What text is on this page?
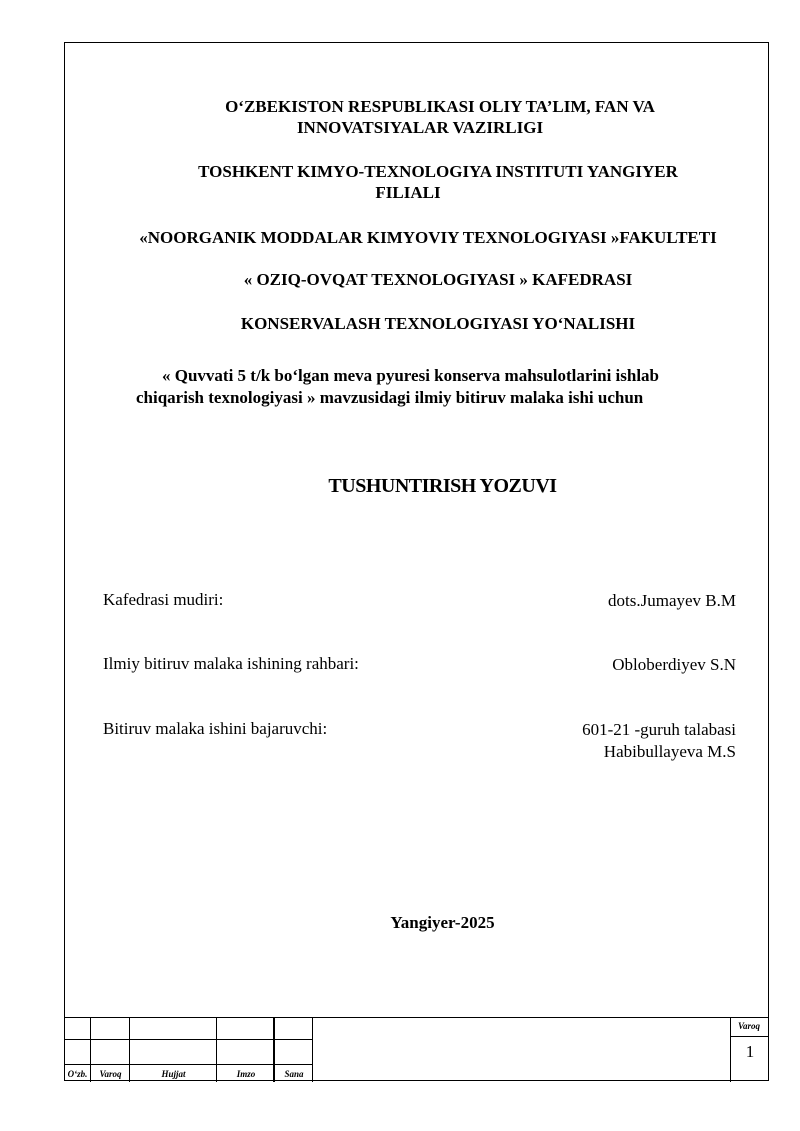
O‘ZBEKISTON RESPUBLIKASI OLIY TA’LIM, FAN VA
INNOVATSIYALAR VAZIRLIGI
TOSHKENT KIMYO-TEXNOLOGIYA INSTITUTI YANGIYER
FILIALI
«NOORGANIK MODDALAR KIMYOVIY TEXNOLOGIYASI »FAKULTETI
« OZIQ-OVQAT TEXNOLOGIYASI » KAFEDRASI
KONSERVALASH TEXNOLOGIYASI YO‘NALISHI
« Quvvati 5 t/k bo‘lgan meva pyuresi konserva mahsulotlarini ishlab
chiqarish texnologiyasi » mavzusidagi ilmiy bitiruv malaka ishi uchun
TUSHUNTIRISH YOZUVI
Kafedrasi mudiri:	dots.Jumayev B.M
Ilmiy bitiruv malaka ishining rahbari:	Obloberdiyev S.N
Bitiruv malaka ishini bajaruvchi:	601-21 -guruh talabasi
Habibullayeva M.S
Yangiyer-2025
O‘zb.	Varoq	Hujjat	Imzo	Sana
Varoq
1
